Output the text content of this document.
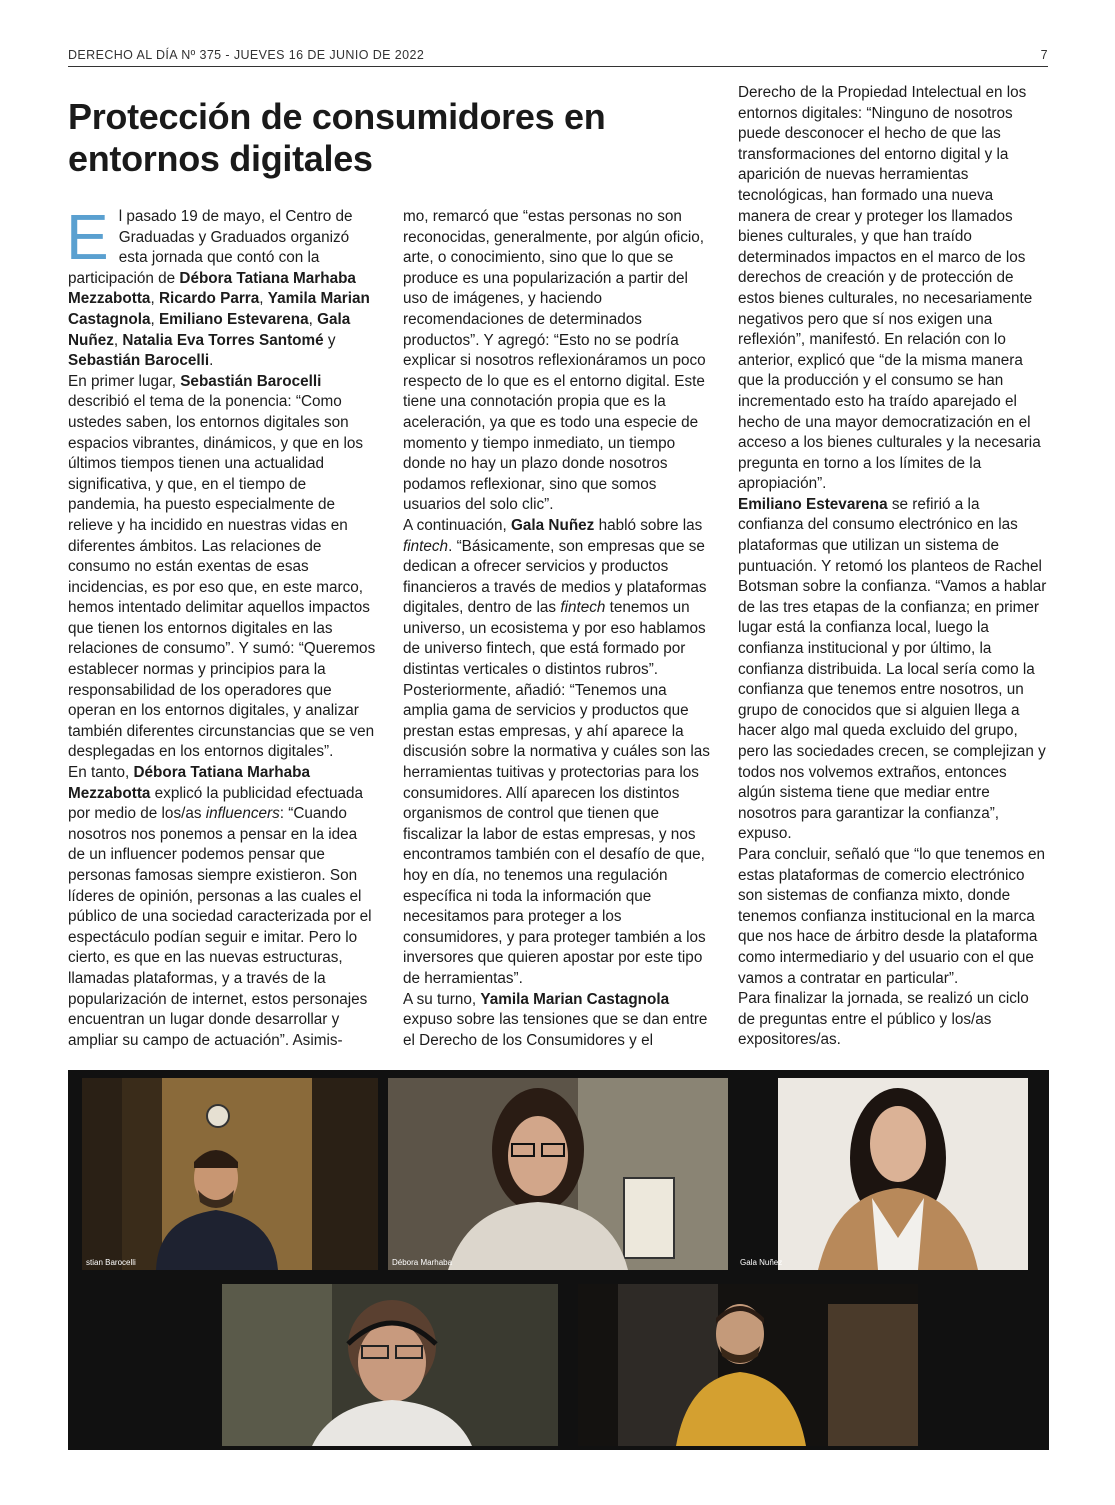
DERECHO AL DÍA Nº 375 - JUEVES 16 DE JUNIO DE 2022	7
Protección de consumidores en entornos digitales

El pasado 19 de mayo, el Centro de Graduadas y Graduados organizó esta jornada que contó con la participación de Débora Tatiana Marhaba Mezzabotta, Ricardo Parra, Yamila Marian Castagnola, Emiliano Estevarena, Gala Nuñez, Natalia Eva Torres Santomé y Sebastián Barocelli.

En primer lugar, Sebastián Barocelli describió el tema de la ponencia: “Como ustedes saben, los entornos digitales son espacios vibrantes, dinámicos, y que en los últimos tiempos tienen una actualidad significativa, y que, en el tiempo de pandemia, ha puesto especialmente de relieve y ha incidido en nuestras vidas en diferentes ámbitos. Las relaciones de consumo no están exentas de esas incidencias, es por eso que, en este marco, hemos intentado delimitar aquellos impactos que tienen los entornos digitales en las relaciones de consumo”. Y sumó: “Queremos establecer normas y principios para la responsabilidad de los operadores que operan en los entornos digitales, y analizar también diferentes circunstancias que se ven desplegadas en los entornos digitales”.

En tanto, Débora Tatiana Marhaba Mezzabotta explicó la publicidad efectuada por medio de los/as influencers: “Cuando nosotros nos ponemos a pensar en la idea de un influencer podemos pensar que personas famosas siempre existieron. Son líderes de opinión, personas a las cuales el público de una sociedad caracterizada por el espectáculo podían seguir e imitar. Pero lo cierto, es que en las nuevas estructuras, llamadas plataformas, y a través de la popularización de internet, estos personajes encuentran un lugar donde desarrollar y ampliar su campo de actuación”. Asimis-

mo, remarcó que “estas personas no son reconocidas, generalmente, por algún oficio, arte, o conocimiento, sino que lo que se produce es una popularización a partir del uso de imágenes, y haciendo recomendaciones de determinados productos”. Y agregó: “Esto no se podría explicar si nosotros reflexionáramos un poco respecto de lo que es el entorno digital. Este tiene una connotación propia que es la aceleración, ya que es todo una especie de momento y tiempo inmediato, un tiempo donde no hay un plazo donde nosotros podamos reflexionar, sino que somos usuarios del solo clic”.

A continuación, Gala Nuñez habló sobre las fintech. “Básicamente, son empresas que se dedican a ofrecer servicios y productos financieros a través de medios y plataformas digitales, dentro de las fintech tenemos un universo, un ecosistema y por eso hablamos de universo fintech, que está formado por distintas verticales o distintos rubros”. Posteriormente, añadió: “Tenemos una amplia gama de servicios y productos que prestan estas empresas, y ahí aparece la discusión sobre la normativa y cuáles son las herramientas tuitivas y protectorias para los consumidores. Allí aparecen los distintos organismos de control que tienen que fiscalizar la labor de estas empresas, y nos encontramos también con el desafío de que, hoy en día, no tenemos una regulación específica ni toda la información que necesitamos para proteger a los consumidores, y para proteger también a los inversores que quieren apostar por este tipo de herramientas”.

A su turno, Yamila Marian Castagnola expuso sobre las tensiones que se dan entre el Derecho de los Consumidores y el

Derecho de la Propiedad Intelectual en los entornos digitales: “Ninguno de nosotros puede desconocer el hecho de que las transformaciones del entorno digital y la aparición de nuevas herramientas tecnológicas, han formado una nueva manera de crear y proteger los llamados bienes culturales, y que han traído determinados impactos en el marco de los derechos de creación y de protección de estos bienes culturales, no necesariamente negativos pero que sí nos exigen una reflexión”, manifestó. En relación con lo anterior, explicó que “de la misma manera que la producción y el consumo se han incrementado esto ha traído aparejado el hecho de una mayor democratización en el acceso a los bienes culturales y la necesaria pregunta en torno a los límites de la apropiación”.

Emiliano Estevarena se refirió a la confianza del consumo electrónico en las plataformas que utilizan un sistema de puntuación. Y retomó los planteos de Rachel Botsman sobre la confianza. “Vamos a hablar de las tres etapas de la confianza; en primer lugar está la confianza local, luego la confianza institucional y por último, la confianza distribuida. La local sería como la confianza que tenemos entre nosotros, un grupo de conocidos que si alguien llega a hacer algo mal queda excluido del grupo, pero las sociedades crecen, se complejizan y todos nos volvemos extraños, entonces algún sistema tiene que mediar entre nosotros para garantizar la confianza”, expuso.

Para concluir, señaló que “lo que tenemos en estas plataformas de comercio electrónico son sistemas de confianza mixto, donde tenemos confianza institucional en la marca que nos hace de árbitro desde la plataforma como intermediario y del usuario con el que vamos a contratar en particular”.

Para finalizar la jornada, se realizó un ciclo de preguntas entre el público y los/as expositores/as.

stian Barocelli	Débora Marhaba	Gala Nuñez
